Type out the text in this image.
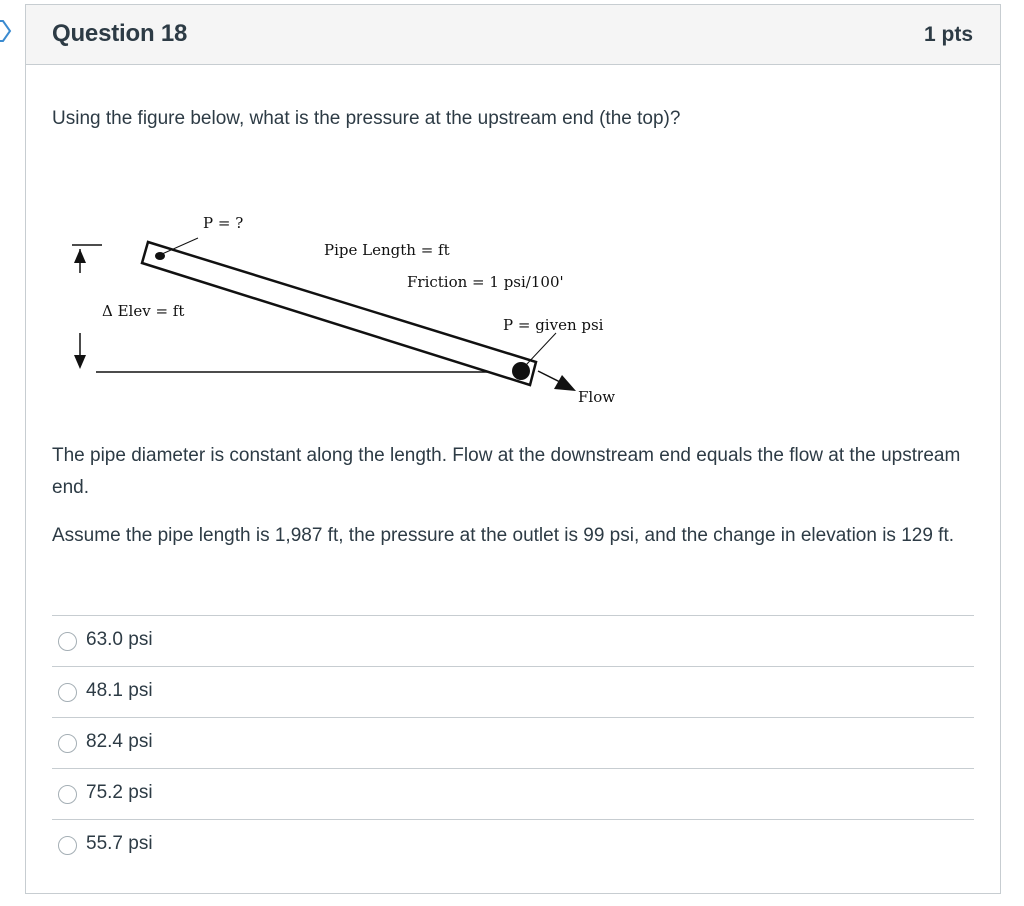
Question 18	1 pts
Using the figure below, what is the pressure at the upstream end (the top)?
Δ Elev = ft
P = ?
Pipe Length = ft
Friction = 1 psi/100'
P = given psi
Flow
The pipe diameter is constant along the length. Flow at the downstream end equals the flow at the upstream end.
Assume the pipe length is 1,987 ft, the pressure at the outlet is 99 psi, and the change in elevation is 129 ft.
63.0 psi
48.1 psi
82.4 psi
75.2 psi
55.7 psi
